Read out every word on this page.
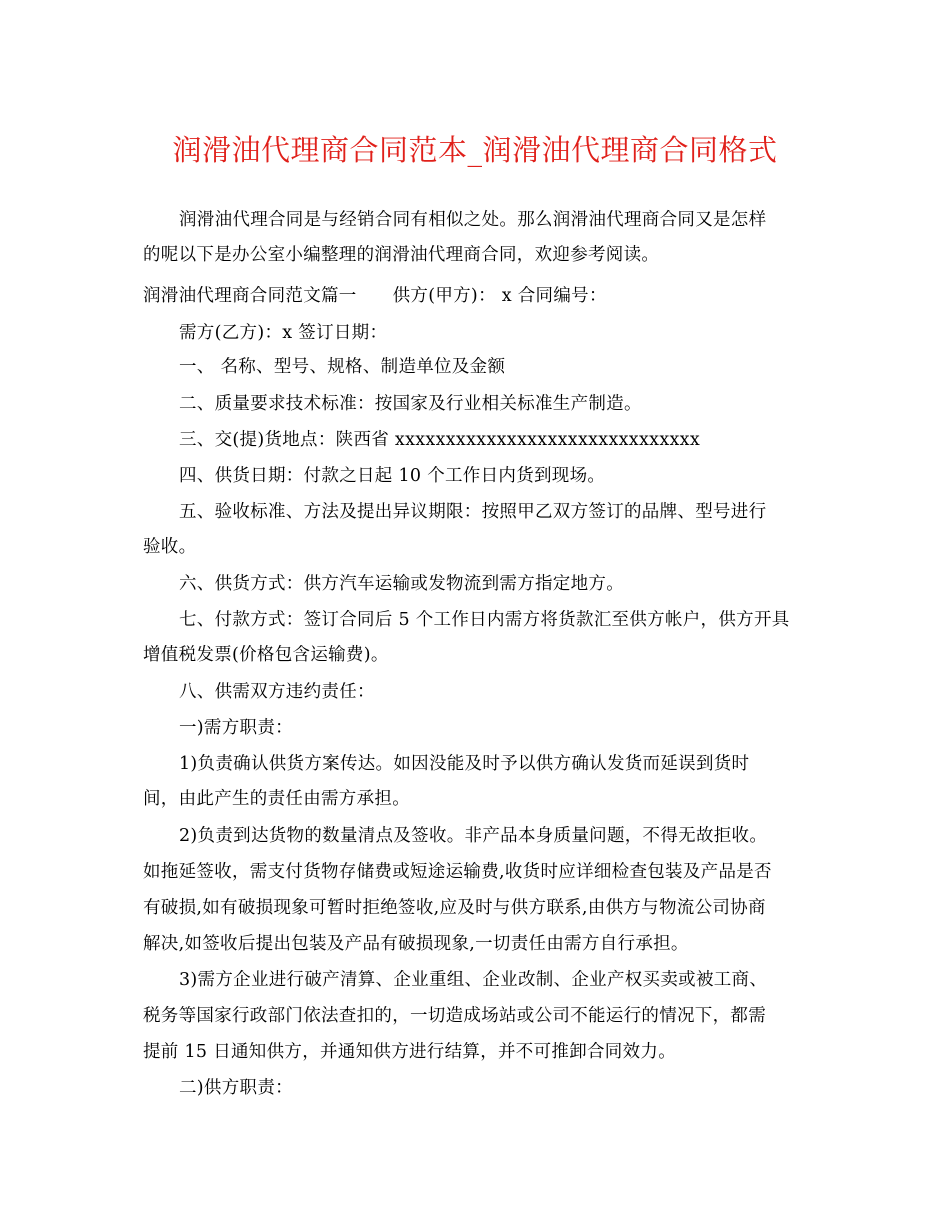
润滑油代理商合同范本_润滑油代理商合同格式
润滑油代理合同是与经销合同有相似之处。那么润滑油代理商合同又是怎样
的呢以下是办公室小编整理的润滑油代理商合同，欢迎参考阅读。
润滑油代理商合同范文篇一 供方(甲方)： x 合同编号：
需方(乙方)：x 签订日期：
一、 名称、型号、规格、制造单位及金额
二、质量要求技术标准：按国家及行业相关标准生产制造。
三、交(提)货地点：陕西省 xxxxxxxxxxxxxxxxxxxxxxxxxxxxxx
四、供货日期：付款之日起 10 个工作日内货到现场。
五、验收标准、方法及提出异议期限：按照甲乙双方签订的品牌、型号进行
验收。
六、供货方式：供方汽车运输或发物流到需方指定地方。
七、付款方式：签订合同后 5 个工作日内需方将货款汇至供方帐户，供方开具
增值税发票(价格包含运输费)。
八、供需双方违约责任：
一)需方职责：
1)负责确认供货方案传达。如因没能及时予以供方确认发货而延误到货时
间，由此产生的责任由需方承担。
2)负责到达货物的数量清点及签收。非产品本身质量问题，不得无故拒收。
如拖延签收，需支付货物存储费或短途运输费,收货时应详细检查包装及产品是否
有破损,如有破损现象可暂时拒绝签收,应及时与供方联系,由供方与物流公司协商
解决,如签收后提出包装及产品有破损现象,一切责任由需方自行承担。
3)需方企业进行破产清算、企业重组、企业改制、企业产权买卖或被工商、
税务等国家行政部门依法查扣的，一切造成场站或公司不能运行的情况下，都需
提前 15 日通知供方，并通知供方进行结算，并不可推卸合同效力。
二)供方职责：
